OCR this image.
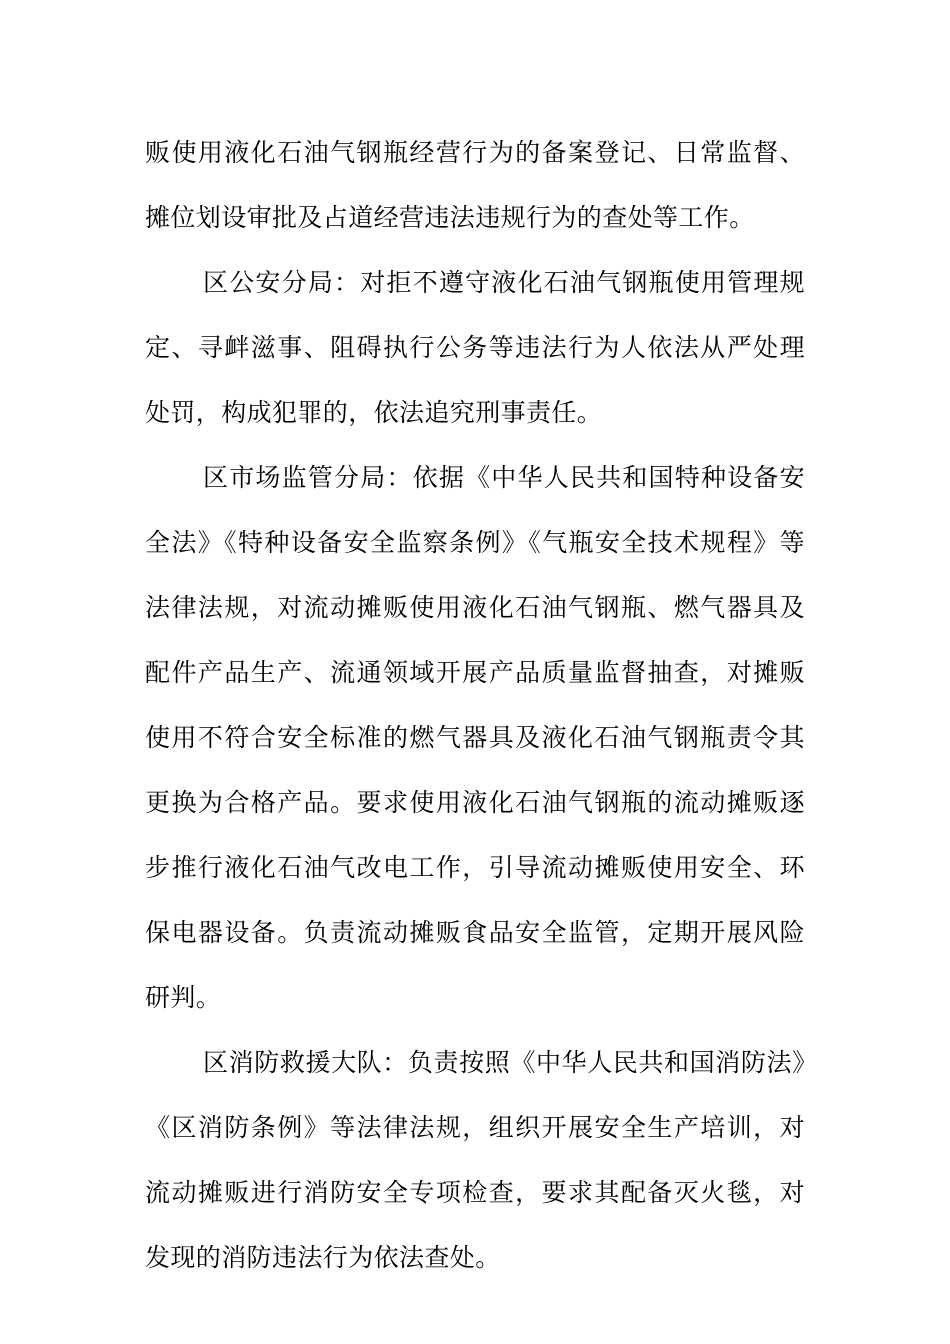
贩使用液化石油气钢瓶经营行为的备案登记、日常监督、摊位划设审批及占道经营违法违规行为的查处等工作。

区公安分局：对拒不遵守液化石油气钢瓶使用管理规定、寻衅滋事、阻碍执行公务等违法行为人依法从严处理处罚，构成犯罪的，依法追究刑事责任。

区市场监管分局：依据《中华人民共和国特种设备安全法》《特种设备安全监察条例》《气瓶安全技术规程》等法律法规，对流动摊贩使用液化石油气钢瓶、燃气器具及配件产品生产、流通领域开展产品质量监督抽查，对摊贩使用不符合安全标准的燃气器具及液化石油气钢瓶责令其更换为合格产品。要求使用液化石油气钢瓶的流动摊贩逐步推行液化石油气改电工作，引导流动摊贩使用安全、环保电器设备。负责流动摊贩食品安全监管，定期开展风险研判。

区消防救援大队：负责按照《中华人民共和国消防法》《区消防条例》等法律法规，组织开展安全生产培训，对流动摊贩进行消防安全专项检查，要求其配备灭火毯，对发现的消防违法行为依法查处。
